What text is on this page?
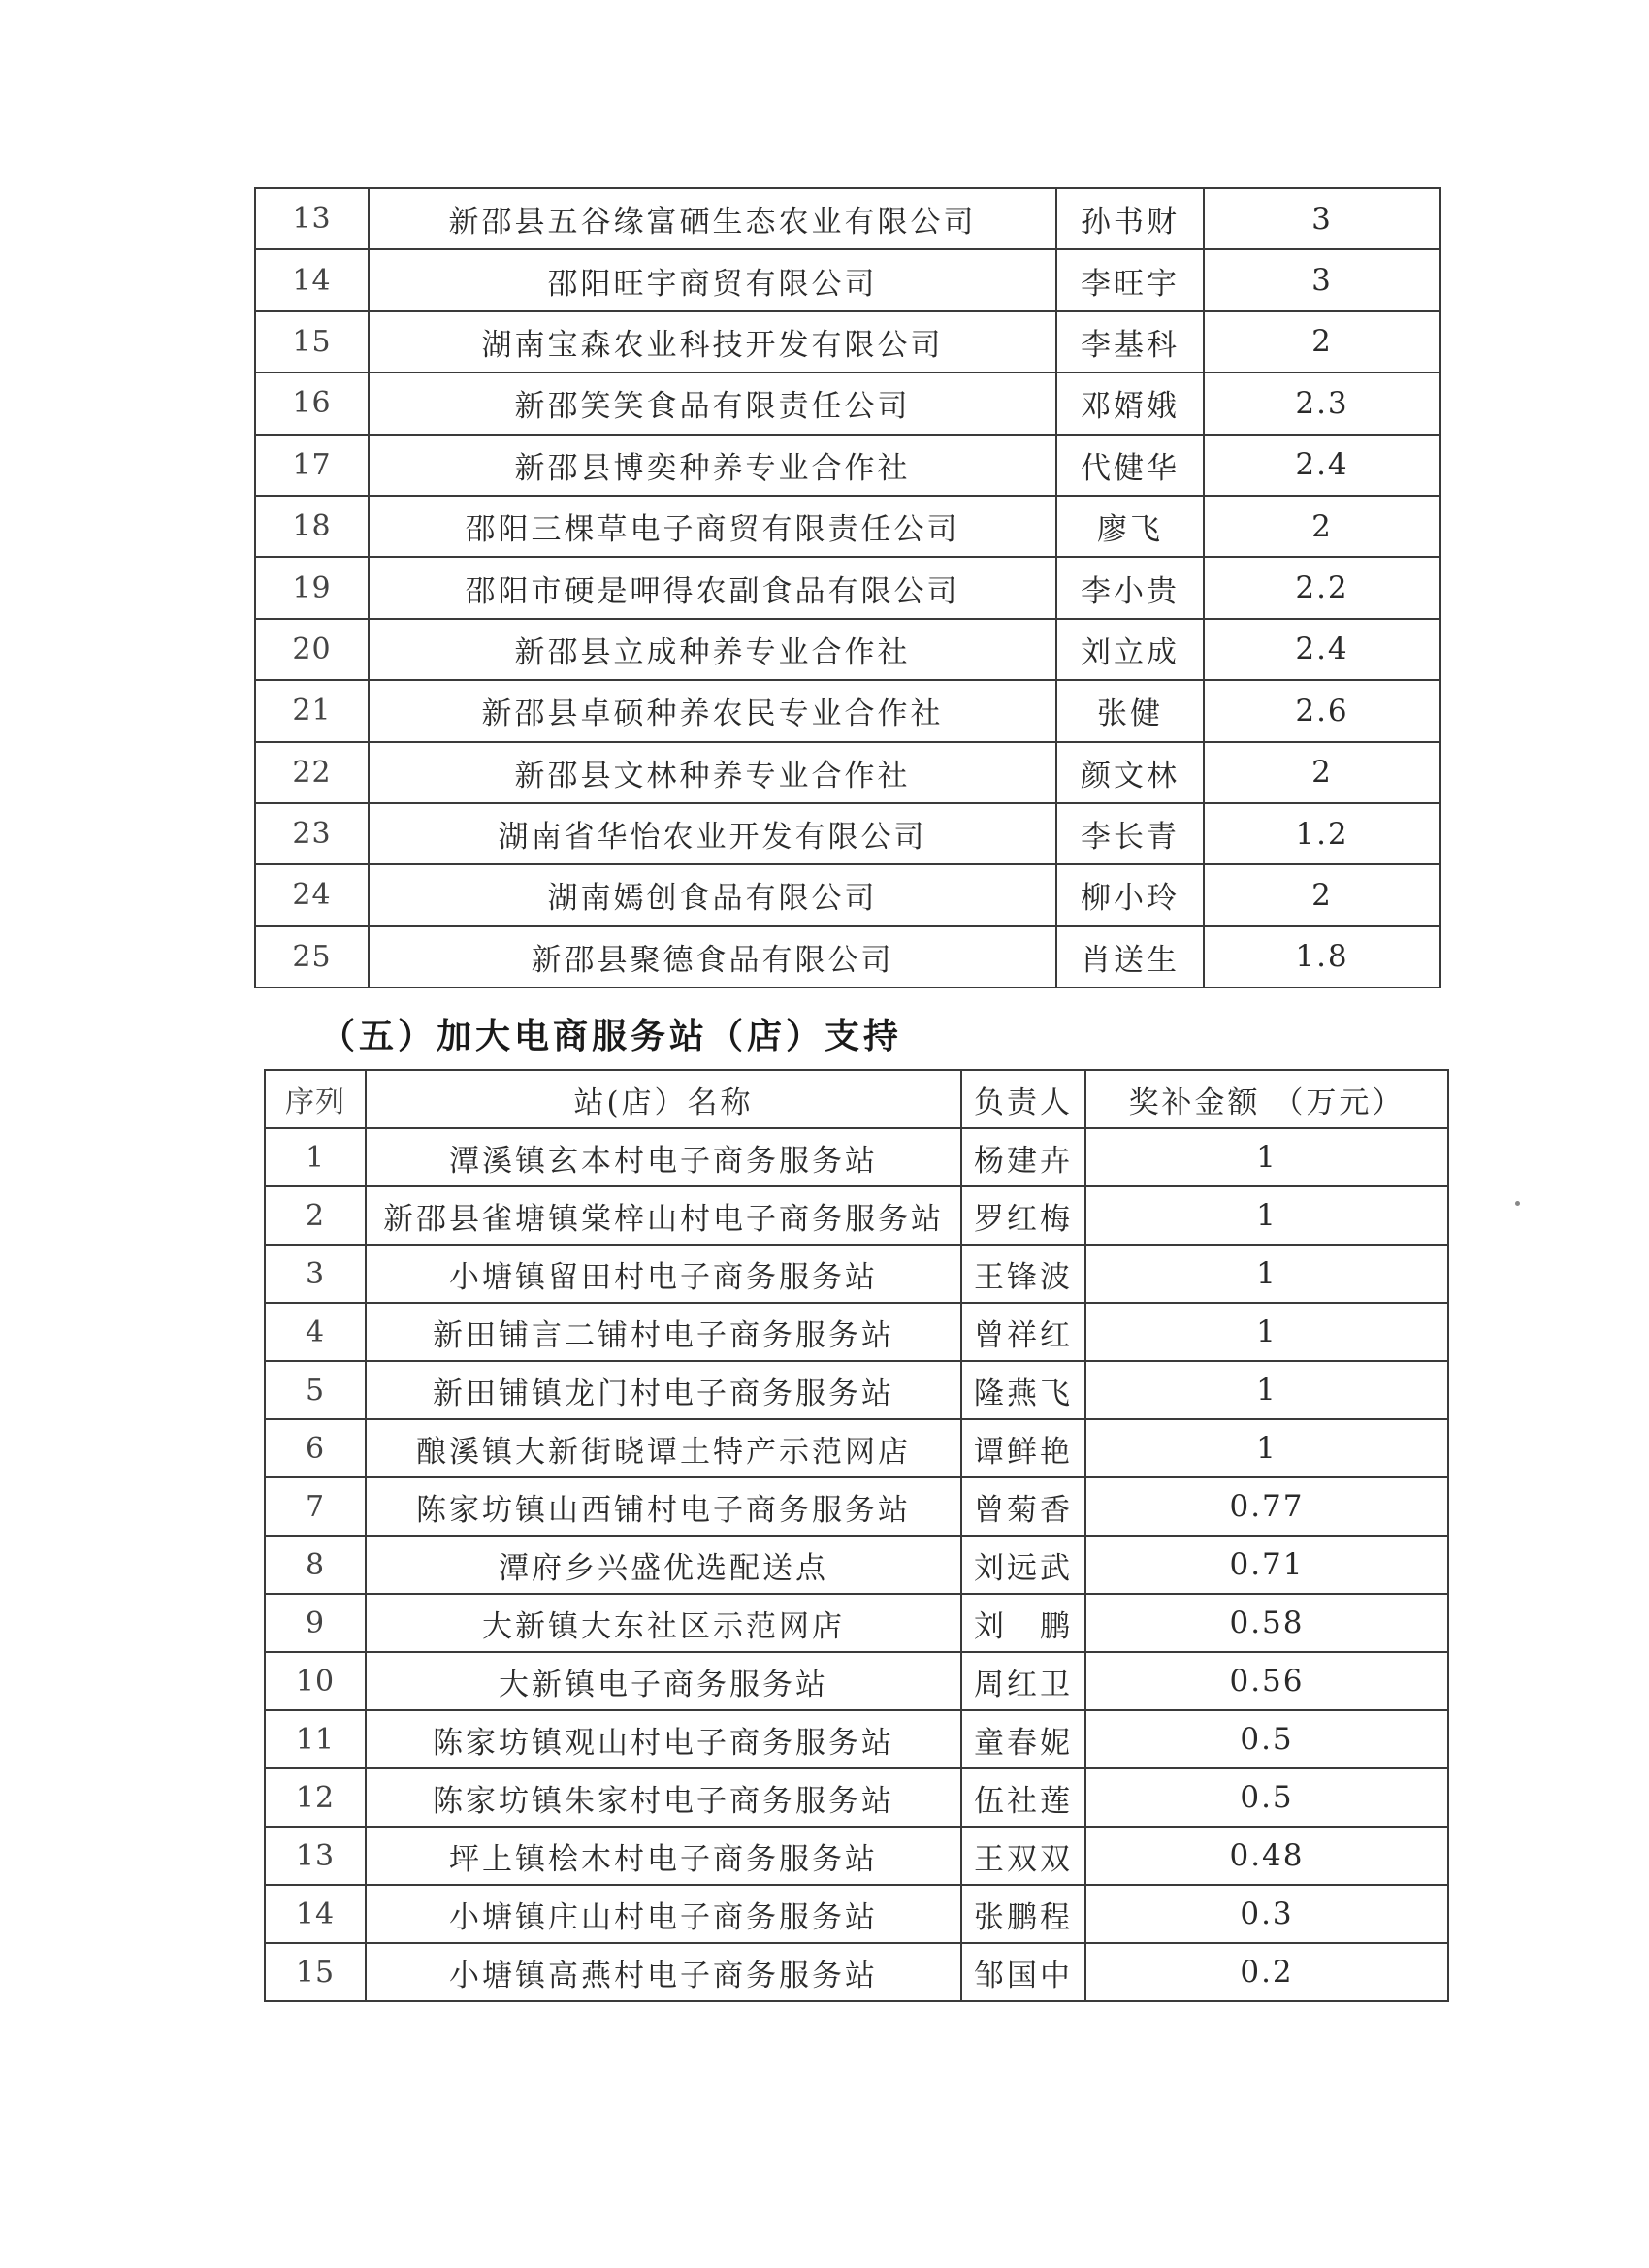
13	新邵县五谷缘富硒生态农业有限公司	孙书财	3
14	邵阳旺宇商贸有限公司	李旺宇	3
15	湖南宝森农业科技开发有限公司	李基科	2
16	新邵笑笑食品有限责任公司	邓婿娥	2.3
17	新邵县博奕种养专业合作社	代健华	2.4
18	邵阳三棵草电子商贸有限责任公司	廖飞	2
19	邵阳市硬是呷得农副食品有限公司	李小贵	2.2
20	新邵县立成种养专业合作社	刘立成	2.4
21	新邵县卓硕种养农民专业合作社	张健	2.6
22	新邵县文林种养专业合作社	颜文林	2
23	湖南省华怡农业开发有限公司	李长青	1.2
24	湖南嫣创食品有限公司	柳小玲	2
25	新邵县聚德食品有限公司	肖送生	1.8
（五）加大电商服务站（店）支持
序列	站(店）名称	负责人	奖补金额 （万元）
1	潭溪镇玄本村电子商务服务站	杨建卉	1
2	新邵县雀塘镇棠梓山村电子商务服务站	罗红梅	1
3	小塘镇留田村电子商务服务站	王锋波	1
4	新田铺言二铺村电子商务服务站	曾祥红	1
5	新田铺镇龙门村电子商务服务站	隆燕飞	1
6	酿溪镇大新街晓谭土特产示范网店	谭鲜艳	1
7	陈家坊镇山西铺村电子商务服务站	曾菊香	0.77
8	潭府乡兴盛优选配送点	刘远武	0.71
9	大新镇大东社区示范网店	刘　鹏	0.58
10	大新镇电子商务服务站	周红卫	0.56
11	陈家坊镇观山村电子商务服务站	童春妮	0.5
12	陈家坊镇朱家村电子商务服务站	伍社莲	0.5
13	坪上镇桧木村电子商务服务站	王双双	0.48
14	小塘镇庄山村电子商务服务站	张鹏程	0.3
15	小塘镇高燕村电子商务服务站	邹国中	0.2
